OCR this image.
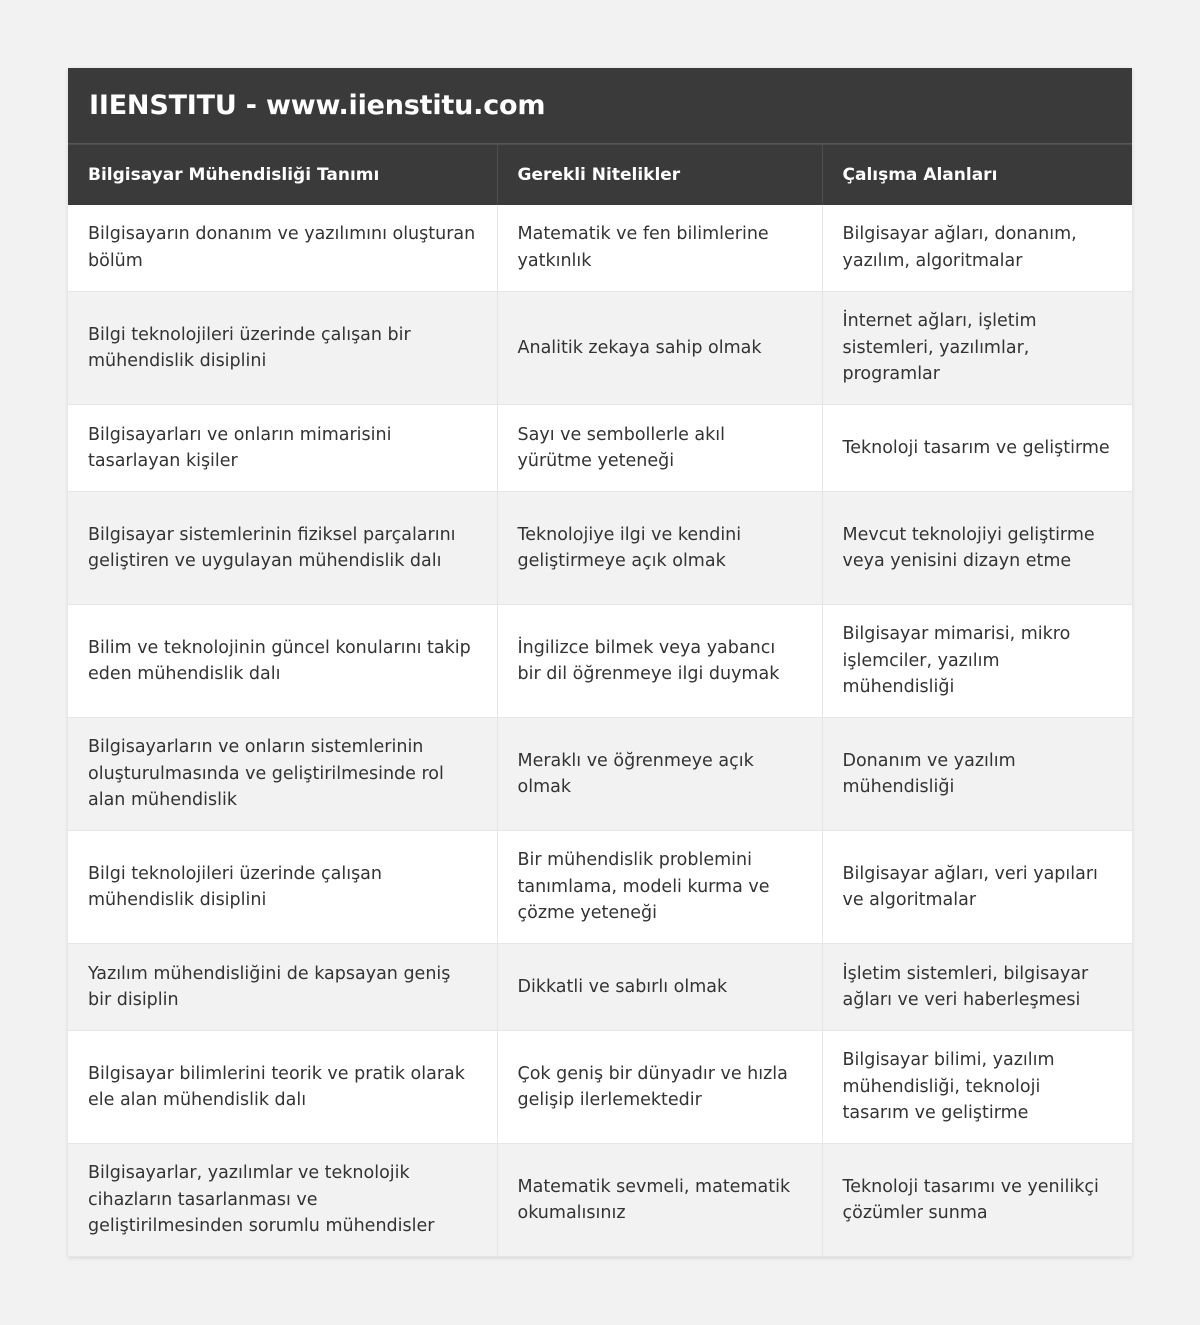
IIENSTITU - www.iienstitu.com
Bilgisayar Mühendisliği Tanımı	Gerekli Nitelikler	Çalışma Alanları
Bilgisayarın donanım ve yazılımını oluşturan bölüm	Matematik ve fen bilimlerine yatkınlık	Bilgisayar ağları, donanım, yazılım, algoritmalar
Bilgi teknolojileri üzerinde çalışan bir mühendislik disiplini	Analitik zekaya sahip olmak	İnternet ağları, işletim sistemleri, yazılımlar, programlar
Bilgisayarları ve onların mimarisini tasarlayan kişiler	Sayı ve sembollerle akıl yürütme yeteneği	Teknoloji tasarım ve geliştirme
Bilgisayar sistemlerinin fiziksel parçalarını geliştiren ve uygulayan mühendislik dalı	Teknolojiye ilgi ve kendini geliştirmeye açık olmak	Mevcut teknolojiyi geliştirme veya yenisini dizayn etme
Bilim ve teknolojinin güncel konularını takip eden mühendislik dalı	İngilizce bilmek veya yabancı bir dil öğrenmeye ilgi duymak	Bilgisayar mimarisi, mikro işlemciler, yazılım mühendisliği
Bilgisayarların ve onların sistemlerinin oluşturulmasında ve geliştirilmesinde rol alan mühendislik	Meraklı ve öğrenmeye açık olmak	Donanım ve yazılım mühendisliği
Bilgi teknolojileri üzerinde çalışan mühendislik disiplini	Bir mühendislik problemini tanımlama, modeli kurma ve çözme yeteneği	Bilgisayar ağları, veri yapıları ve algoritmalar
Yazılım mühendisliğini de kapsayan geniş bir disiplin	Dikkatli ve sabırlı olmak	İşletim sistemleri, bilgisayar ağları ve veri haberleşmesi
Bilgisayar bilimlerini teorik ve pratik olarak ele alan mühendislik dalı	Çok geniş bir dünyadır ve hızla gelişip ilerlemektedir	Bilgisayar bilimi, yazılım mühendisliği, teknoloji tasarım ve geliştirme
Bilgisayarlar, yazılımlar ve teknolojik cihazların tasarlanması ve geliştirilmesinden sorumlu mühendisler	Matematik sevmeli, matematik okumalısınız	Teknoloji tasarımı ve yenilikçi çözümler sunma
